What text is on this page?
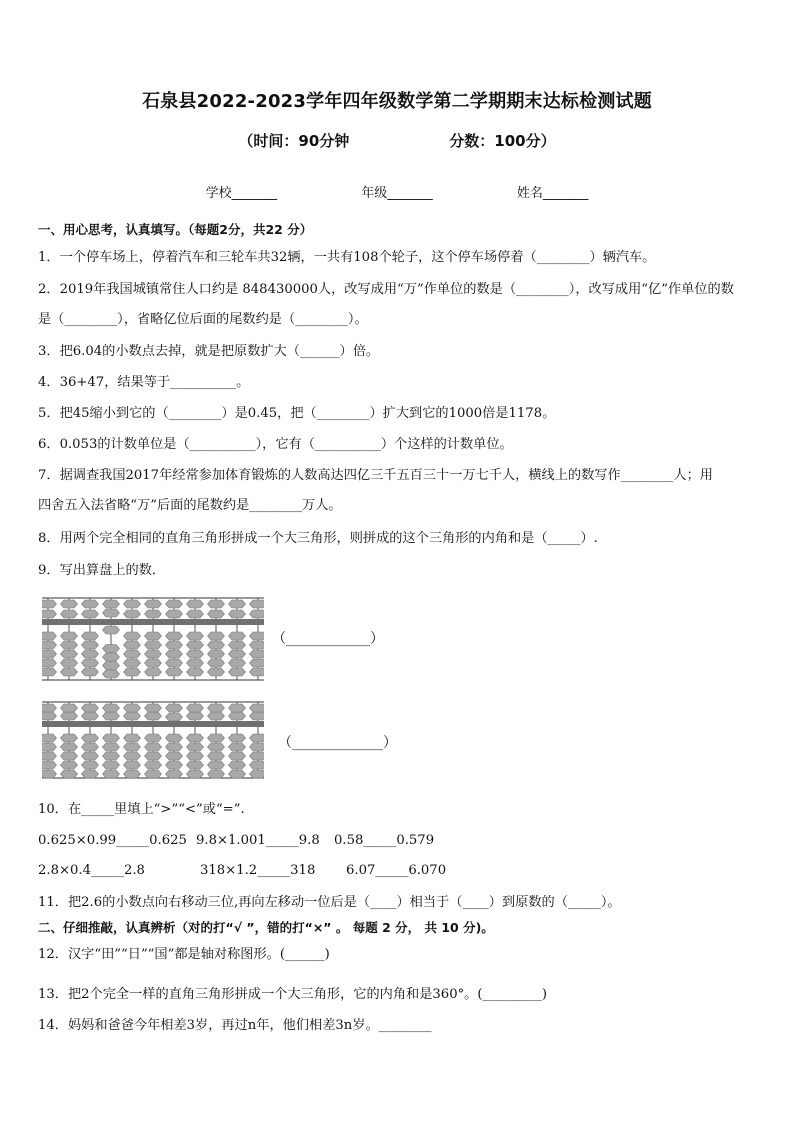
石泉县2022-2023学年四年级数学第二学期期末达标检测试题
（时间：90分钟	分数：100分）
学校_______	年级_______	姓名_______
一、用心思考，认真填写。（每题2分，共22 分）
1．一个停车场上，停着汽车和三轮车共32辆，一共有108个轮子，这个停车场停着（________）辆汽车。
2．2019年我国城镇常住人口约是 848430000人，改写成用“万”作单位的数是（________），改写成用“亿”作单位的数
是（________），省略亿位后面的尾数约是（________）。
3．把6.04的小数点去掉，就是把原数扩大（______）倍。
4．36+47，结果等于__________。
5．把45缩小到它的（________）是0.45，把（________）扩大到它的1000倍是1178。
6．0.053的计数单位是（__________），它有（__________）个这样的计数单位。
7．据调查我国2017年经常参加体育锻炼的人数高达四亿三千五百三十一万七千人，横线上的数写作________人；用
四舍五入法省略“万”后面的尾数约是________万人。
8．用两个完全相同的直角三角形拼成一个大三角形，则拼成的这个三角形的内角和是（_____）.
9．写出算盘上的数．
（____________）
（_____________）
10．在_____里填上“>”“<”或“=”.
0.625×0.99_____0.625 9.8×1.001_____9.8 0.58_____0.579
2.8×0.4_____2.8	318×1.2_____318 6.07_____6.070
11．把2.6的小数点向右移动三位,再向左移动一位后是（____）相当于（____）到原数的（_____）。
二、仔细推敲，认真辨析（对的打“√ ”，错的打“×” 。 每题 2 分， 共 10 分)。
12．汉字“田”“日”“国”都是轴对称图形。(______)
13．把2个完全一样的直角三角形拼成一个大三角形，它的内角和是360°。(_________)
14．妈妈和爸爸今年相差3岁，再过n年，他们相差3n岁。________
